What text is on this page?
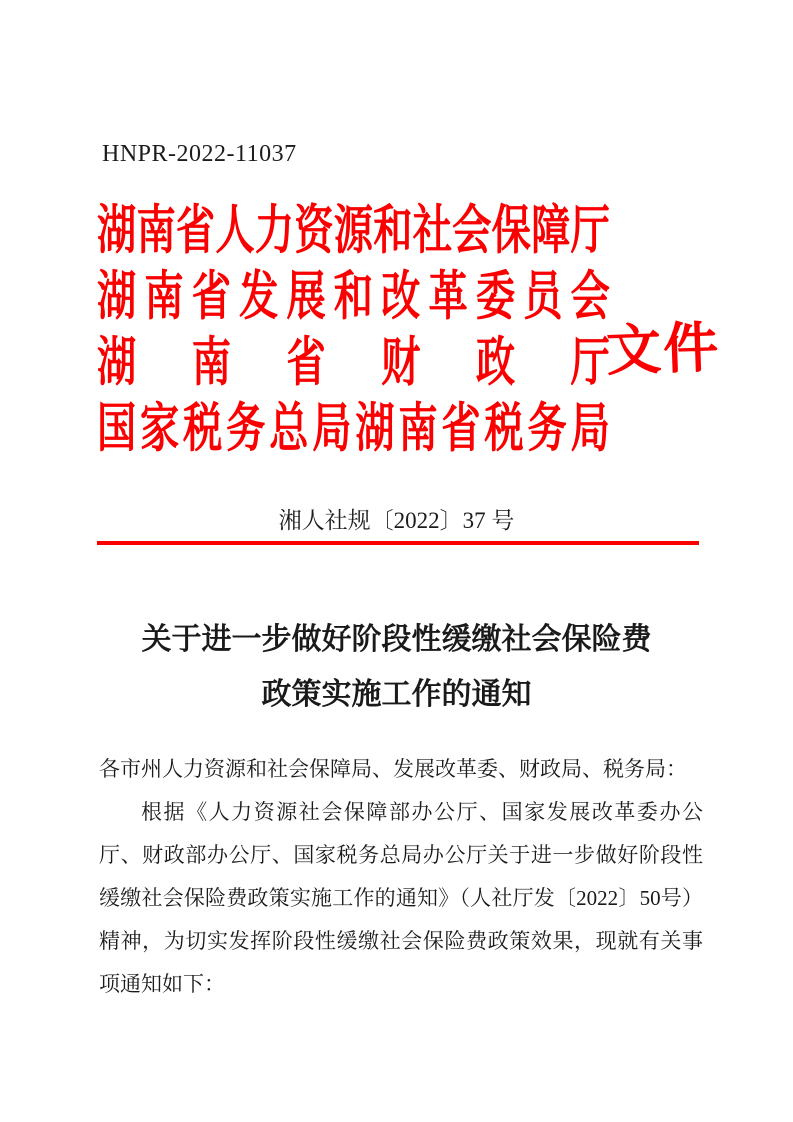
HNPR-2022-11037
湖南省人力资源和社会保障厅
湖南省发展和改革委员会
湖南省财政厅
国家税务总局湖南省税务局
文件
湘人社规〔2022〕37 号
关于进一步做好阶段性缓缴社会保险费
政策实施工作的通知

各市州人力资源和社会保障局、发展改革委、财政局、税务局：

根据《人力资源社会保障部办公厅、国家发展改革委办公厅、财政部办公厅、国家税务总局办公厅关于进一步做好阶段性缓缴社会保险费政策实施工作的通知》（人社厅发〔2022〕50号）精神，为切实发挥阶段性缓缴社会保险费政策效果，现就有关事项通知如下：
